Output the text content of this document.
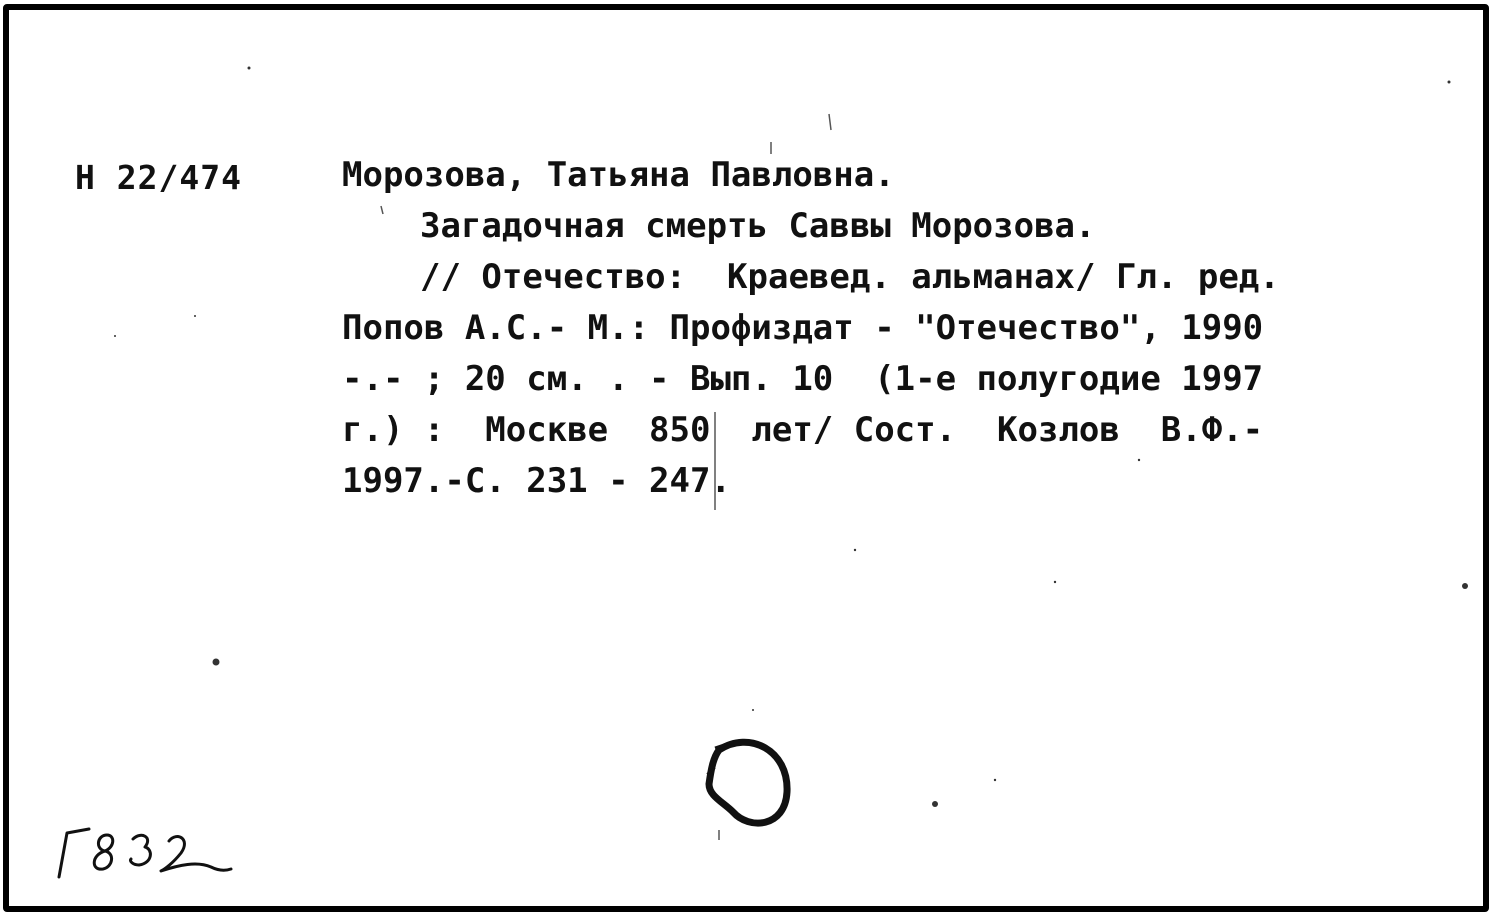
Н 22/474	Морозова, Татьяна Павловна.
Загадочная смерть Саввы Морозова.
// Отечество:  Краевед. альманах/ Гл. ред.
Попов А.С.- М.: Профиздат - "Отечество", 1990
-.- ; 20 см. . - Вып. 10  (1-е полугодие 1997
г.) :  Москве  850  лет/ Сост.  Козлов  В.Ф.-
1997.-С. 231 - 247.
